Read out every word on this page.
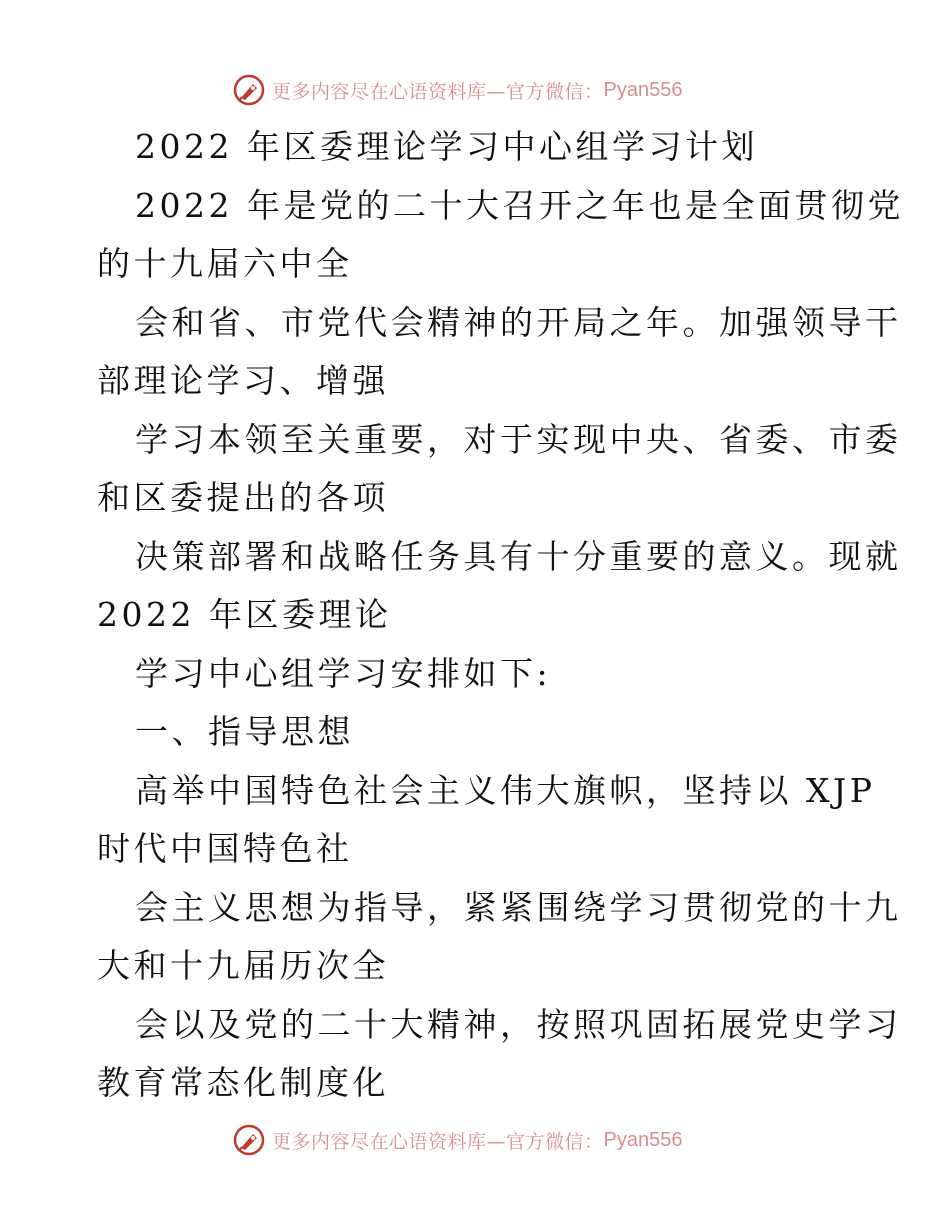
更多内容尽在心语资料库—官方微信： Pyan556
2022 年区委理论学习中心组学习计划
2022 年是党的二十大召开之年也是全面贯彻党
的十九届六中全
会和省、市党代会精神的开局之年。加强领导干
部理论学习、增强
学习本领至关重要，对于实现中央、省委、市委
和区委提出的各项
决策部署和战略任务具有十分重要的意义。现就
2022 年区委理论
学习中心组学习安排如下:
一、指导思想
高举中国特色社会主义伟大旗帜，坚持以 XJP
时代中国特色社
会主义思想为指导，紧紧围绕学习贯彻党的十九
大和十九届历次全
会以及党的二十大精神，按照巩固拓展党史学习
教育常态化制度化
更多内容尽在心语资料库—官方微信： Pyan556
